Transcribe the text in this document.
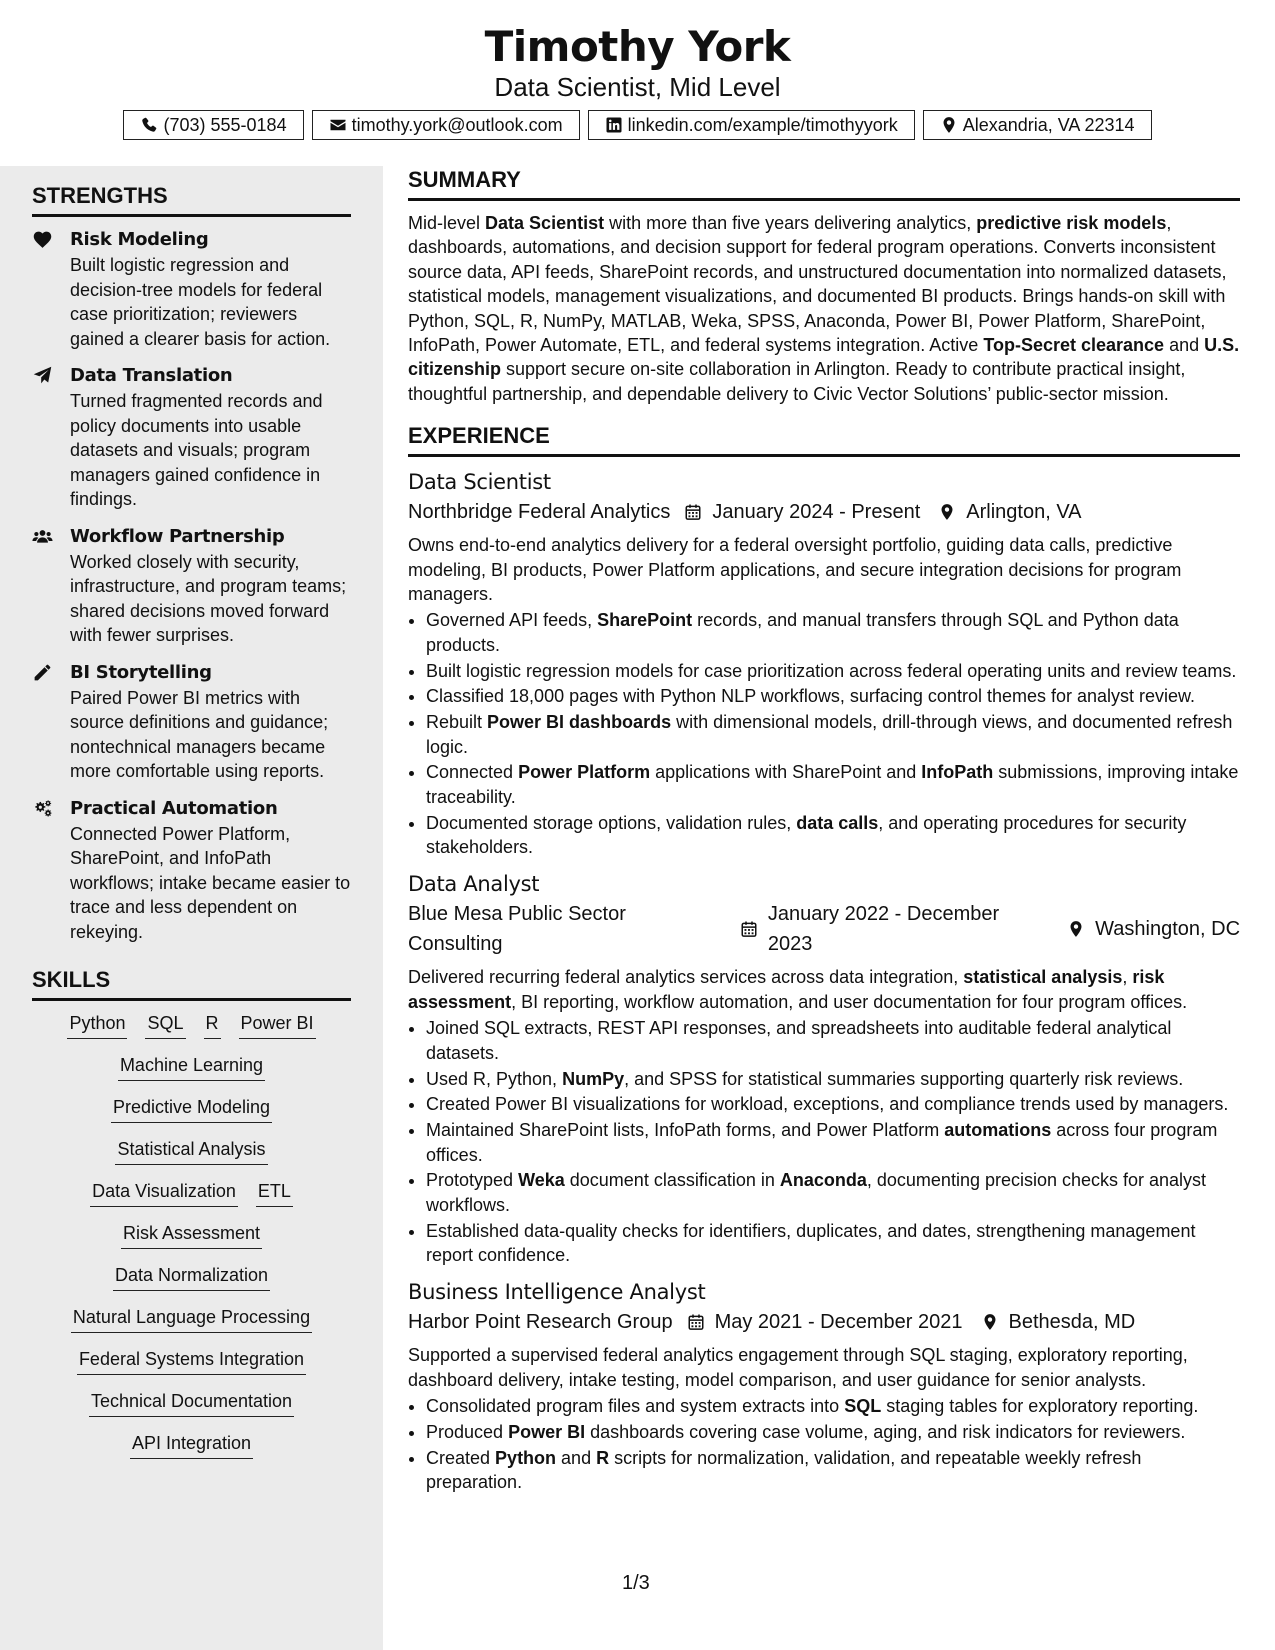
Timothy York
Data Scientist, Mid Level
(703) 555-0184	timothy.york@outlook.com	linkedin.com/example/timothyyork	Alexandria, VA 22314
STRENGTHS
Risk Modeling
Built logistic regression and decision-tree models for federal case prioritization; reviewers gained a clearer basis for action.
Data Translation
Turned fragmented records and policy documents into usable datasets and visuals; program managers gained confidence in findings.
Workflow Partnership
Worked closely with security, infrastructure, and program teams; shared decisions moved forward with fewer surprises.
BI Storytelling
Paired Power BI metrics with source definitions and guidance; nontechnical managers became more comfortable using reports.
Practical Automation
Connected Power Platform, SharePoint, and InfoPath workflows; intake became easier to trace and less dependent on rekeying.
SKILLS
Python SQL R Power BI
Machine Learning
Predictive Modeling
Statistical Analysis
Data Visualization ETL
Risk Assessment
Data Normalization
Natural Language Processing
Federal Systems Integration
Technical Documentation
API Integration
SUMMARY
Mid-level Data Scientist with more than five years delivering analytics, predictive risk models, dashboards, automations, and decision support for federal program operations. Converts inconsistent source data, API feeds, SharePoint records, and unstructured documentation into normalized datasets, statistical models, management visualizations, and documented BI products. Brings hands-on skill with Python, SQL, R, NumPy, MATLAB, Weka, SPSS, Anaconda, Power BI, Power Platform, SharePoint, InfoPath, Power Automate, ETL, and federal systems integration. Active Top-Secret clearance and U.S. citizenship support secure on-site collaboration in Arlington. Ready to contribute practical insight, thoughtful partnership, and dependable delivery to Civic Vector Solutions’ public-sector mission.
EXPERIENCE
Data Scientist
Northbridge Federal Analytics January 2024 - Present Arlington, VA
Owns end-to-end analytics delivery for a federal oversight portfolio, guiding data calls, predictive modeling, BI products, Power Platform applications, and secure integration decisions for program managers.
• Governed API feeds, SharePoint records, and manual transfers through SQL and Python data products.
• Built logistic regression models for case prioritization across federal operating units and review teams.
• Classified 18,000 pages with Python NLP workflows, surfacing control themes for analyst review.
• Rebuilt Power BI dashboards with dimensional models, drill-through views, and documented refresh logic.
• Connected Power Platform applications with SharePoint and InfoPath submissions, improving intake traceability.
• Documented storage options, validation rules, data calls, and operating procedures for security stakeholders.
Data Analyst
Blue Mesa Public Sector Consulting
January 2022 - December 2023
Washington, DC
Delivered recurring federal analytics services across data integration, statistical analysis, risk assessment, BI reporting, workflow automation, and user documentation for four program offices.
• Joined SQL extracts, REST API responses, and spreadsheets into auditable federal analytical datasets.
• Used R, Python, NumPy, and SPSS for statistical summaries supporting quarterly risk reviews.
• Created Power BI visualizations for workload, exceptions, and compliance trends used by managers.
• Maintained SharePoint lists, InfoPath forms, and Power Platform automations across four program offices.
• Prototyped Weka document classification in Anaconda, documenting precision checks for analyst workflows.
• Established data-quality checks for identifiers, duplicates, and dates, strengthening management report confidence.
Business Intelligence Analyst
Harbor Point Research Group May 2021 - December 2021 Bethesda, MD
Supported a supervised federal analytics engagement through SQL staging, exploratory reporting, dashboard delivery, intake testing, model comparison, and user guidance for senior analysts.
• Consolidated program files and system extracts into SQL staging tables for exploratory reporting.
• Produced Power BI dashboards covering case volume, aging, and risk indicators for reviewers.
• Created Python and R scripts for normalization, validation, and repeatable weekly refresh preparation.
1/3
